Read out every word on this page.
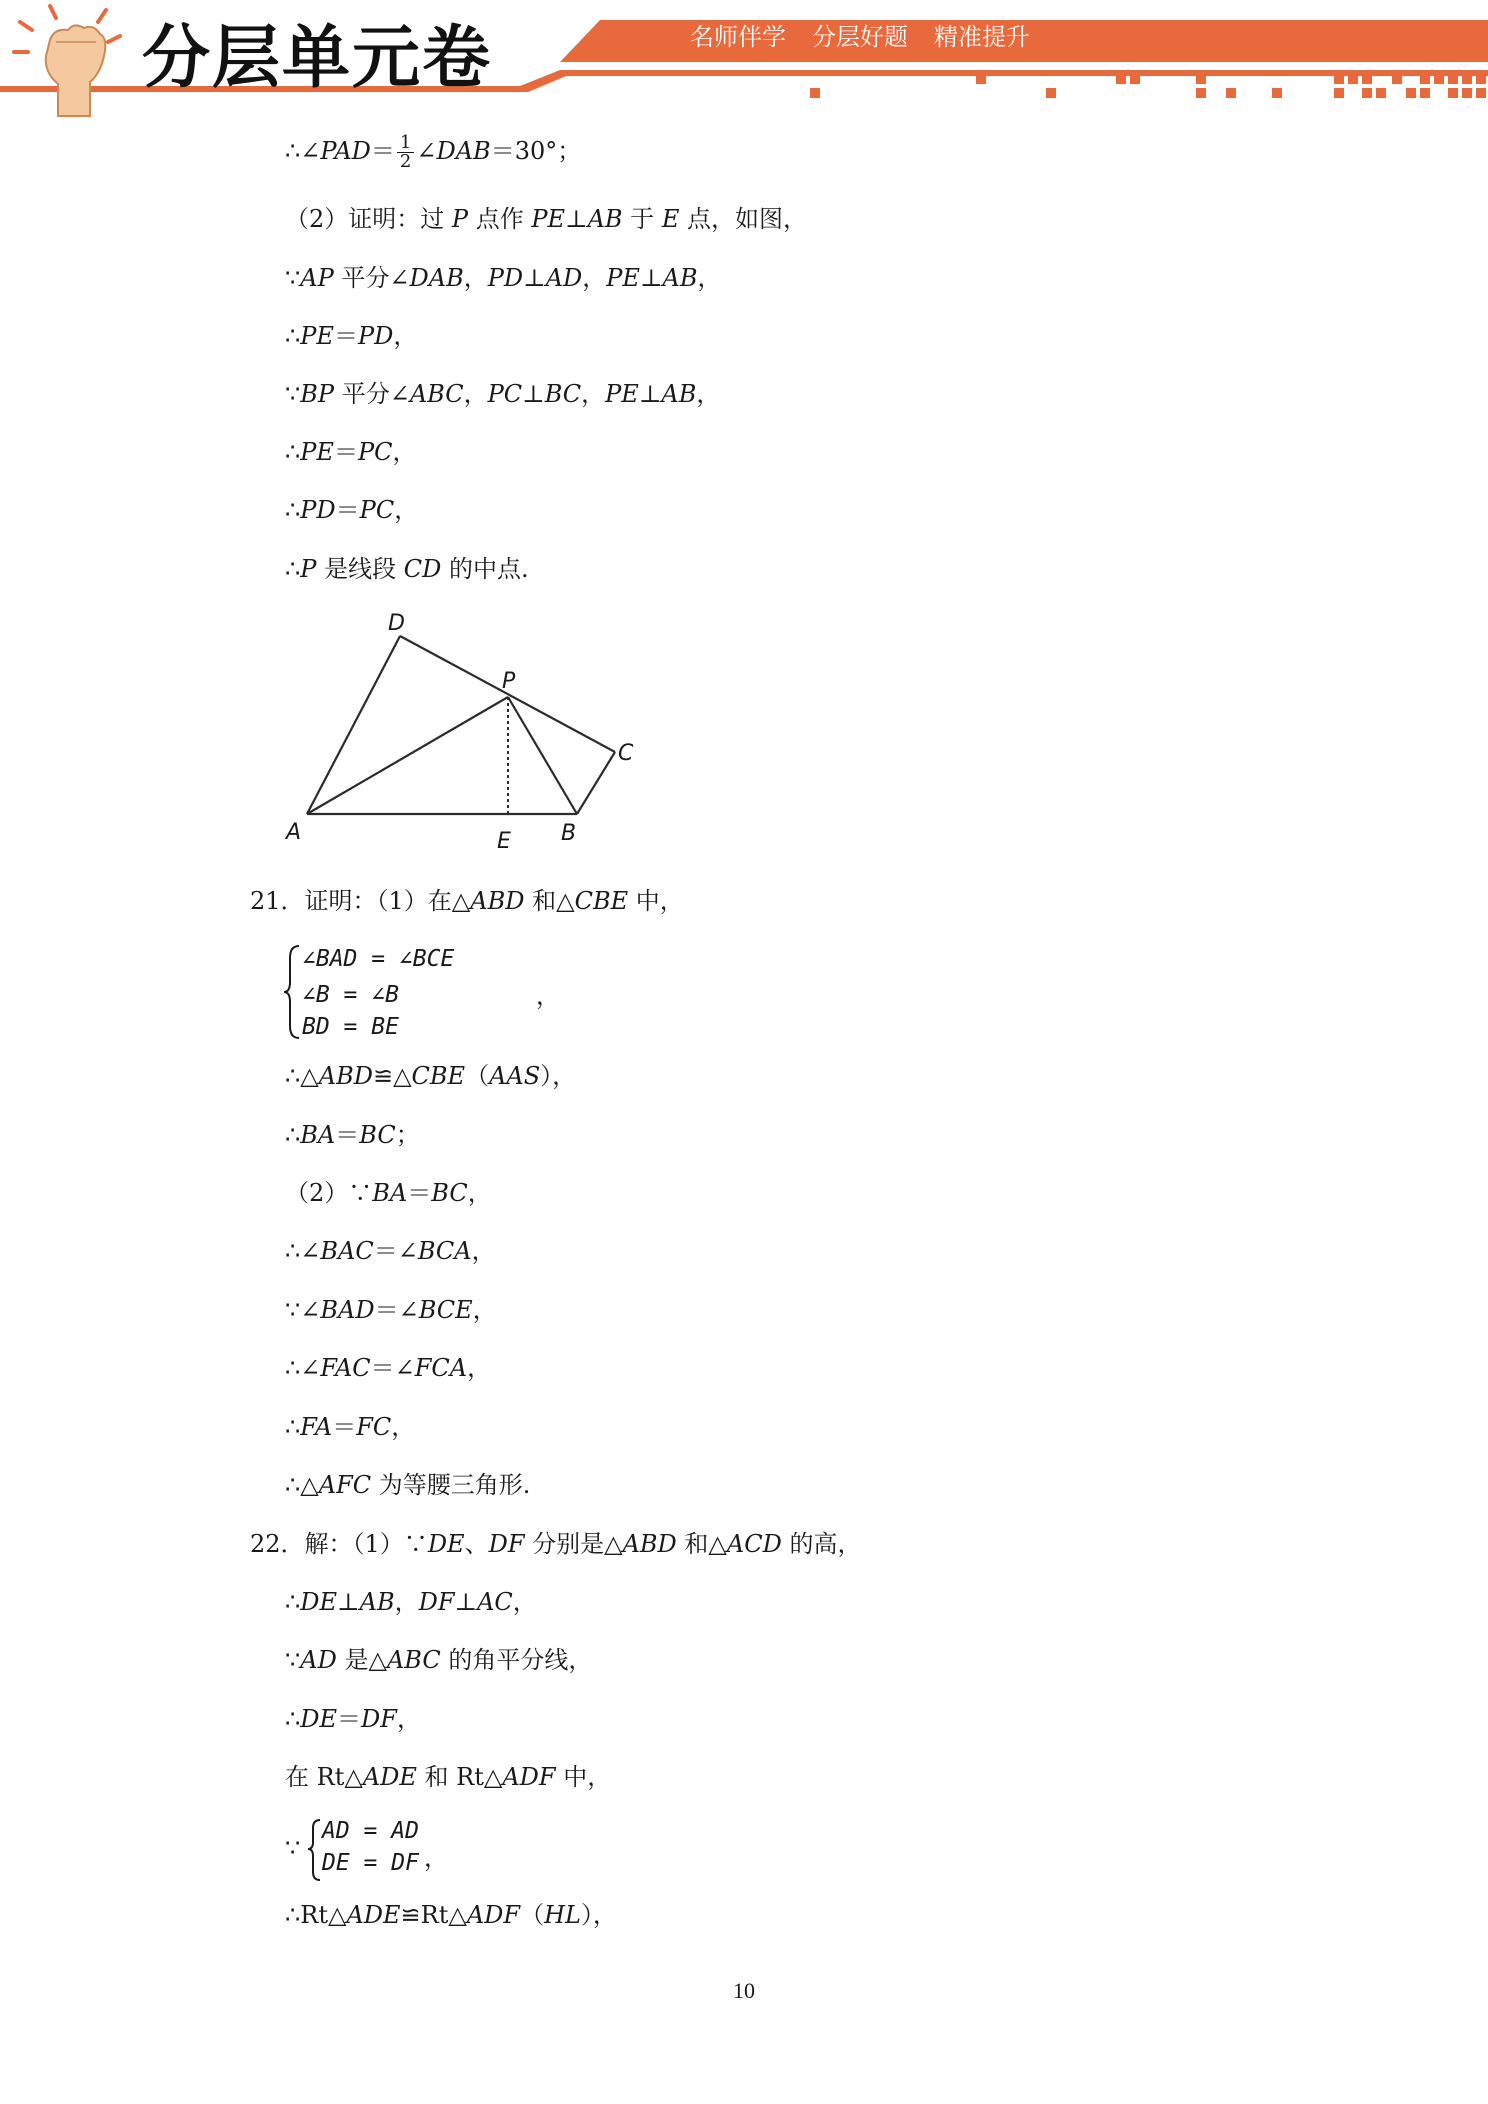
分层单元卷	名师伴学 分层好题 精准提升
∴∠PAD＝ $\frac{1}{2}$ ∠DAB＝30°；
（2）证明：过 P 点作 PE⊥AB 于 E 点，如图，
∵AP 平分∠DAB，PD⊥AD，PE⊥AB，
∴PE＝PD，
∵BP 平分∠ABC，PC⊥BC，PE⊥AB，
∴PE＝PC，
∴PD＝PC，
∴P 是线段 CD 的中点.
D
P
C
A	E B
21．证明：（1）在△ABD 和△CBE 中，
∠BAD = ∠BCE
∠B = ∠B
BD = BE
，
∴△ABD≌△CBE（AAS），
∴BA＝BC；
（2）∵BA＝BC，
∴∠BAC＝∠BCA，
∵∠BAD＝∠BCE，
∴∠FAC＝∠FCA，
∴FA＝FC，
∴△AFC 为等腰三角形.
22．解：（1）∵DE、DF 分别是△ABD 和△ACD 的高，
∴DE⊥AB，DF⊥AC，
∵AD 是△ABC 的角平分线，
∴DE＝DF，
在 Rt△ADE 和 Rt△ADF 中，
∵
AD = AD
DE = DF ，
∴Rt△ADE≌Rt△ADF（HL），
10
